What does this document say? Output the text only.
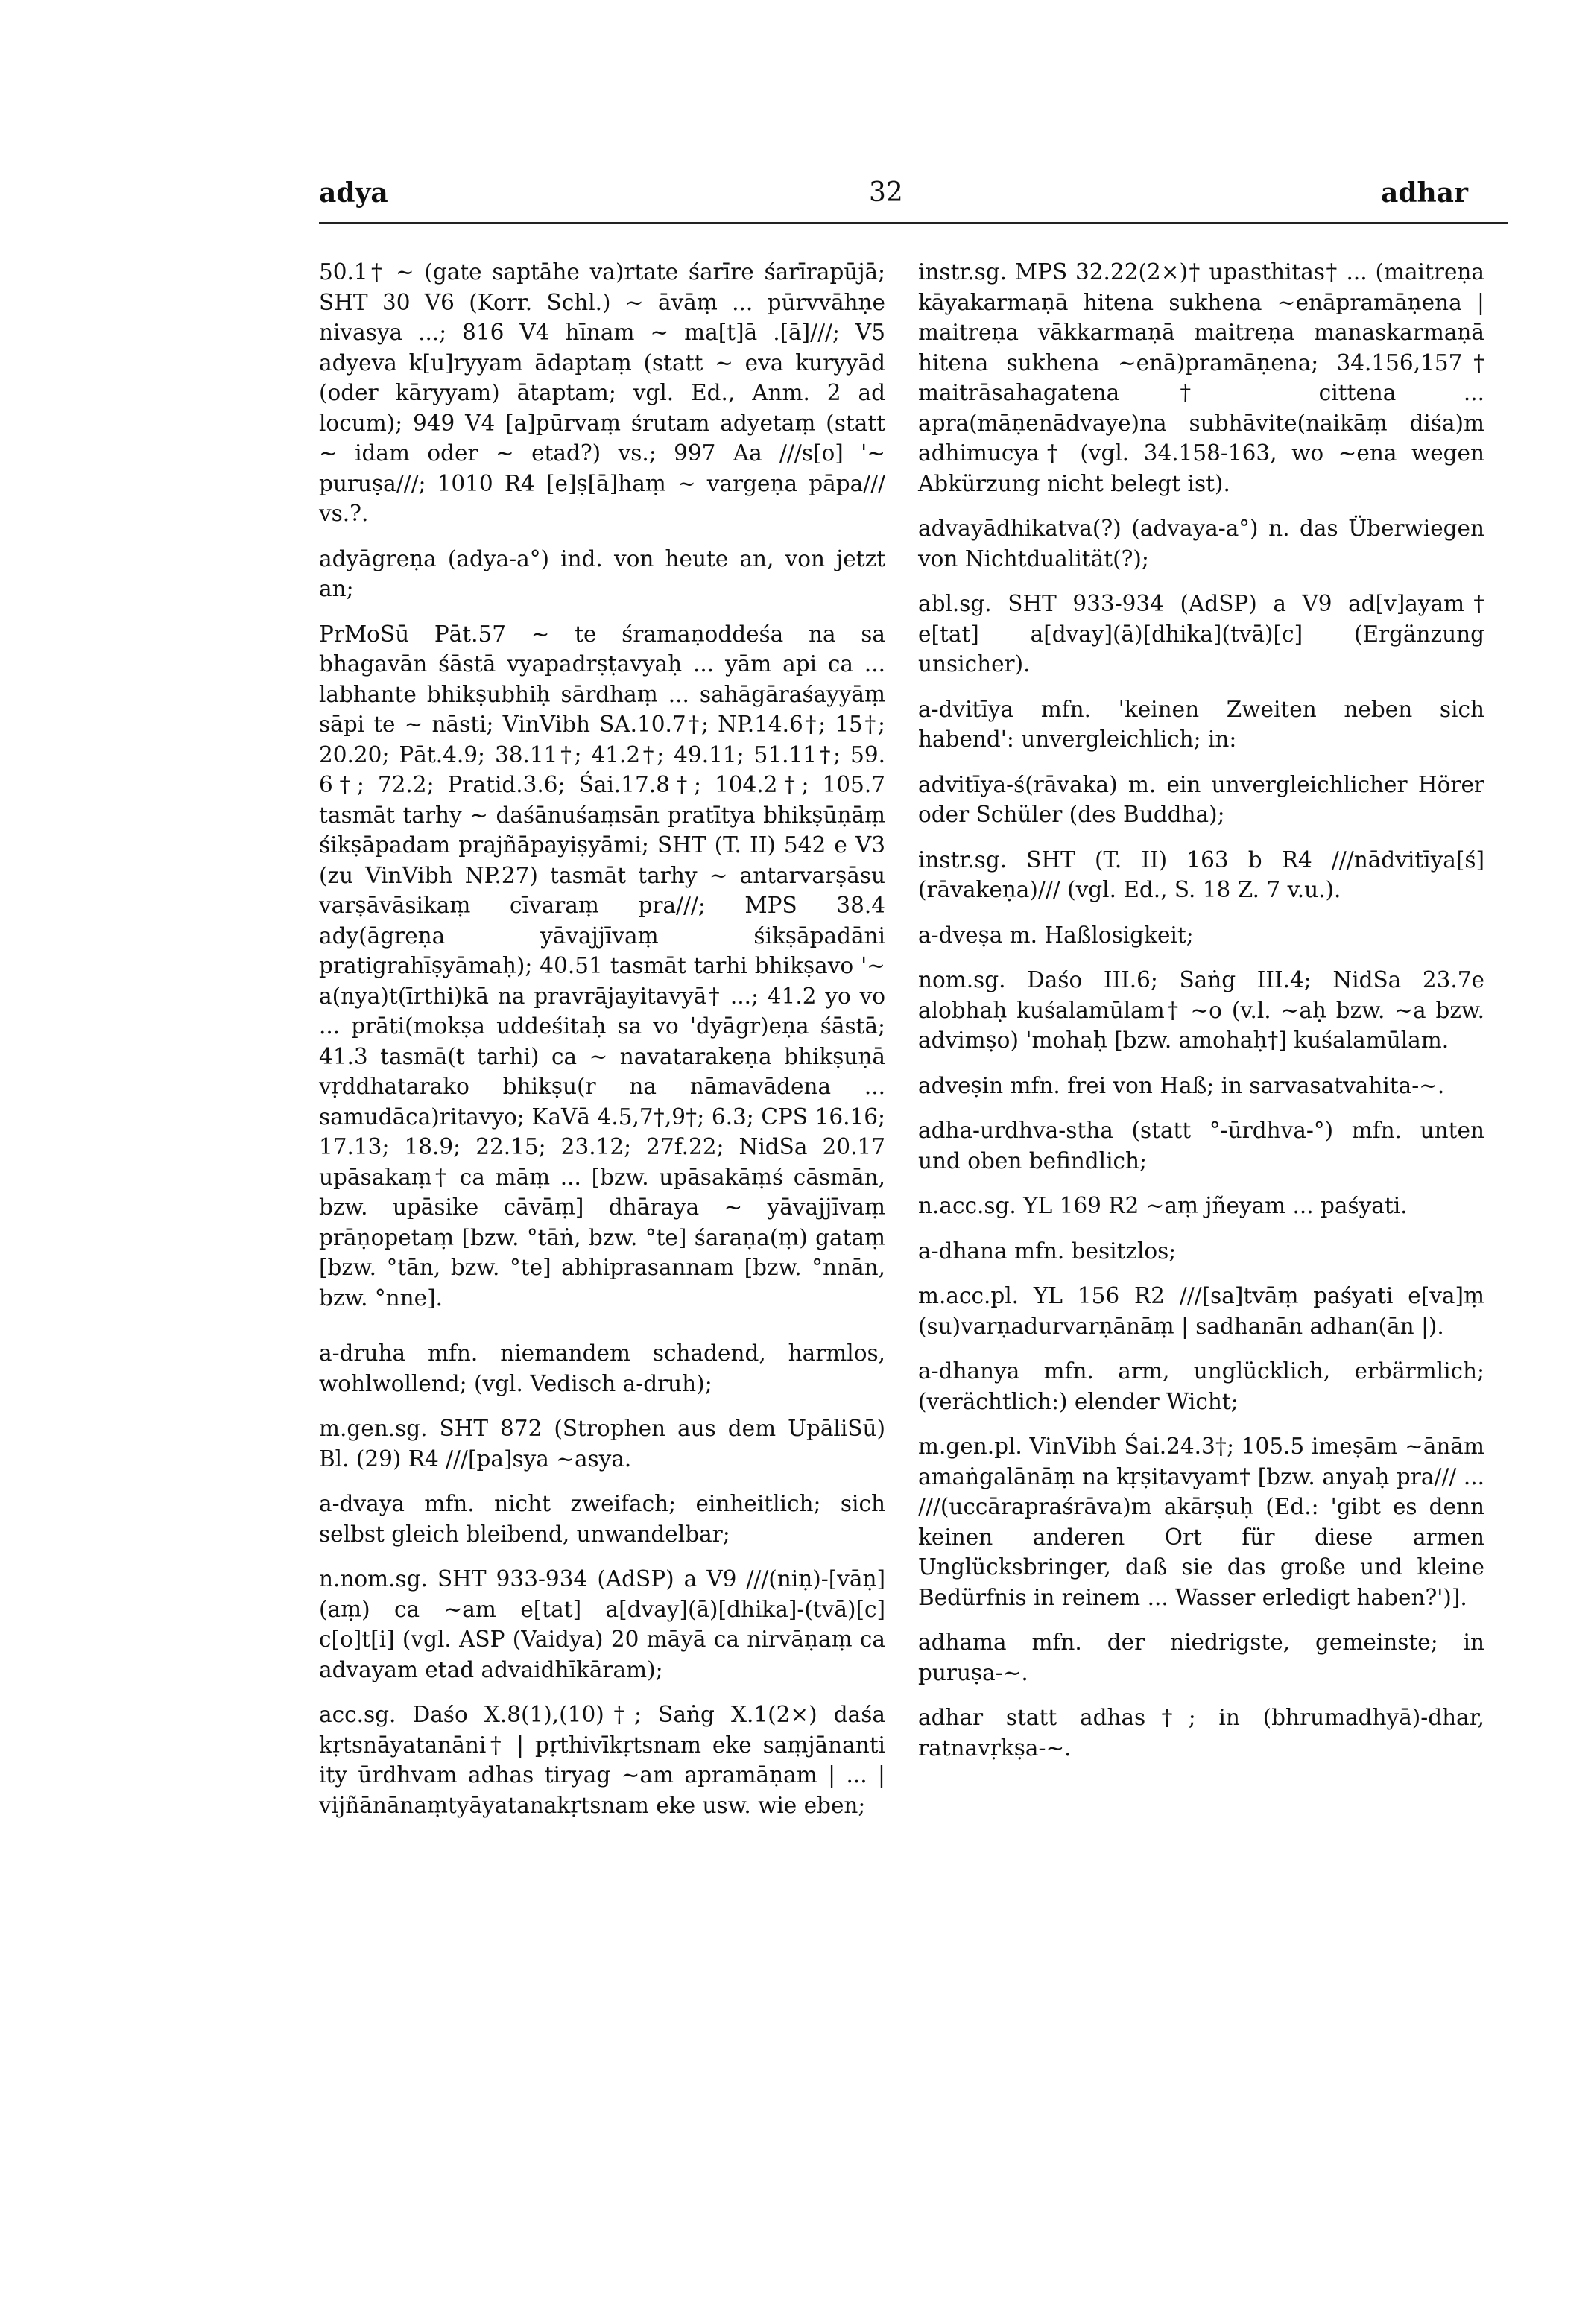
adya	32	adhar

50.1† ~ (gate saptāhe va)rtate śarīre śarīrapūjā; SHT 30 V6 (Korr. Schl.) ~ āvāṃ ... pūrvvāhṇe nivasya ...; 816 V4 hīnam ~ ma[t]ā .[ā]///; V5 adyeva k[u]ryyam ādaptaṃ (statt ~ eva kuryyād (oder kāryyam) ātaptam; vgl. Ed., Anm. 2 ad locum); 949 V4 [a]pūrvaṃ śrutam adyetaṃ (statt ~ idam oder ~ etad?) vs.; 997 Aa ///s[o] '~ puruṣa///; 1010 R4 [e]ṣ[ā]haṃ ~ vargeṇa pāpa/// vs.?.

adyāgreṇa (adya-a°) ind. von heute an, von jetzt an;

PrMoSū Pāt.57 ~ te śramaṇoddeśa na sa bhagavān śāstā vyapadrṣṭavyaḥ ... yām api ca ... labhante bhikṣubhiḥ sārdhaṃ ... sahāgāraśayyāṃ sāpi te ~ nāsti; VinVibh SA.10.7†; NP.14.6†; 15†; 20.20; Pāt.4.9; 38.11†; 41.2†; 49.11; 51.11†; 59. 6†; 72.2; Pratid.3.6; Śai.17.8†; 104.2†; 105.7 tasmāt tarhy ~ daśānuśaṃsān pratītya bhikṣūṇāṃ śikṣāpadam prajñāpayiṣyāmi; SHT (T. II) 542 e V3 (zu VinVibh NP.27) tasmāt tarhy ~ antarvarṣāsu varṣāvāsikaṃ cīvaraṃ pra///; MPS 38.4 ady(āgreṇa yāvajjīvaṃ śikṣāpadāni pratigrahīṣyāmaḥ); 40.51 tasmāt tarhi bhikṣavo '~ a(nya)t(īrthi)kā na pravrājayitavyā† ...; 41.2 yo vo ... prāti(mokṣa uddeśitaḥ sa vo 'dyāgr)eṇa śāstā; 41.3 tasmā(t tarhi) ca ~ navatarakeṇa bhikṣuṇā vṛddhatarako bhikṣu(r na nāmavādena ... samudāca)ritavyo; KaVā 4.5,7†,9†; 6.3; CPS 16.16; 17.13; 18.9; 22.15; 23.12; 27f.22; NidSa 20.17 upāsakaṃ† ca māṃ ... [bzw. upāsakāṃś cāsmān, bzw. upāsike cāvāṃ] dhāraya ~ yāvajjīvaṃ prāṇopetaṃ [bzw. °tāṅ, bzw. °te] śaraṇa(ṃ) gataṃ [bzw. °tān, bzw. °te] abhiprasannam [bzw. °nnān, bzw. °nne].

a-druha mfn. niemandem schadend, harmlos, wohlwollend; (vgl. Vedisch a-druh);

m.gen.sg. SHT 872 (Strophen aus dem UpāliSū) Bl. (29) R4 ///[pa]sya ~asya.

a-dvaya mfn. nicht zweifach; einheitlich; sich selbst gleich bleibend, unwandelbar;

n.nom.sg. SHT 933-934 (AdSP) a V9 ///(niṇ)-[vāṇ](aṃ) ca ~am e[tat] a[dvay](ā)[dhika]-(tvā)[c] c[o]t[i] (vgl. ASP (Vaidya) 20 māyā ca nirvāṇaṃ ca advayam etad advaidhīkāram);

acc.sg. Daśo X.8(1),(10)†; Saṅg X.1(2×) daśa kṛtsnāyatanāni† | pṛthivīkṛtsnam eke saṃjānanti ity ūrdhvam adhas tiryag ~am apramāṇam | ... | vijñānānaṃtyāyatanakṛtsnam eke usw. wie eben;

instr.sg. MPS 32.22(2×)† upasthitas† ... (maitreṇa kāyakarmaṇā hitena sukhena ~enāpramāṇena | maitreṇa vākkarmaṇā maitreṇa manaskarmaṇā hitena sukhena ~enā)pramāṇena; 34.156,157† maitrāsahagatena† cittena ... apra(māṇenādvaye)na subhāvite(naikāṃ diśa)m adhimucya† (vgl. 34.158-163, wo ~ena wegen Abkürzung nicht belegt ist).

advayādhikatva(?) (advaya-a°) n. das Überwiegen von Nichtdualität(?);

abl.sg. SHT 933-934 (AdSP) a V9 ad[v]ayam† e[tat] a[dvay](ā)[dhika](tvā)[c] (Ergänzung unsicher).

a-dvitīya mfn. 'keinen Zweiten neben sich habend': unvergleichlich; in:

advitīya-ś(rāvaka) m. ein unvergleichlicher Hörer oder Schüler (des Buddha);

instr.sg. SHT (T. II) 163 b R4 ///nādvitīya[ś](rāvakeṇa)/// (vgl. Ed., S. 18 Z. 7 v.u.).

a-dveṣa m. Haßlosigkeit;

nom.sg. Daśo III.6; Saṅg III.4; NidSa 23.7e alobhaḥ kuśalamūlam† ~o (v.l. ~aḥ bzw. ~a bzw. advimṣo) 'mohaḥ [bzw. amohaḥ†] kuśalamūlam.

adveṣin mfn. frei von Haß; in sarvasatvahita-~.

adha-urdhva-stha (statt °-ūrdhva-°) mfn. unten und oben befindlich;

n.acc.sg. YL 169 R2 ~aṃ jñeyam ... paśyati.

a-dhana mfn. besitzlos;

m.acc.pl. YL 156 R2 ///[sa]tvāṃ paśyati e[va]ṃ (su)varṇadurvarṇānāṃ | sadhanān adhan(ān |).

a-dhanya mfn. arm, unglücklich, erbärmlich; (verächtlich:) elender Wicht;

m.gen.pl. VinVibh Śai.24.3†; 105.5 imeṣām ~ānām amaṅgalānāṃ na kṛṣitavyam† [bzw. anyaḥ pra/// ... ///(uccārapraśrāva)m akārṣuḥ (Ed.: 'gibt es denn keinen anderen Ort für diese armen Unglücksbringer, daß sie das große und kleine Bedürfnis in reinem ... Wasser erledigt haben?')].

adhama mfn. der niedrigste, gemeinste; in puruṣa-~.

adhar statt adhas†; in (bhrumadhyā)-dhar, ratnavṛkṣa-~.
